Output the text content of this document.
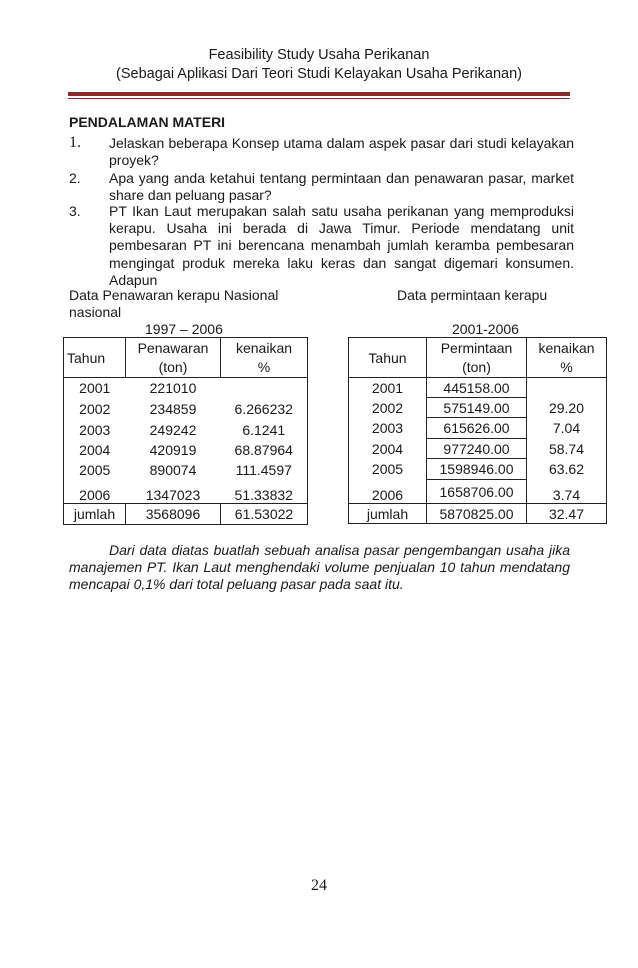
Feasibility Study Usaha Perikanan
(Sebagai Aplikasi Dari Teori Studi Kelayakan Usaha Perikanan)
PENDALAMAN MATERI
1. Jelaskan beberapa Konsep utama dalam aspek pasar dari studi kelayakan proyek?
2. Apa yang anda ketahui tentang permintaan dan penawaran pasar, market share dan peluang pasar?
3. PT Ikan Laut merupakan salah satu usaha perikanan yang memproduksi kerapu. Usaha ini berada di Jawa Timur. Periode mendatang unit pembesaran PT ini berencana menambah jumlah keramba pembesaran mengingat produk mereka laku keras dan sangat digemari konsumen. Adapun
Data Penawaran kerapu Nasional	Data permintaan kerapu
nasional
1997 – 2006	2001-2006
Tahun	Penawaran	kenaikan
	(ton)	%
2001	221010	
2002	234859	6.266232
2003	249242	6.1241
2004	420919	68.87964
2005	890074	111.4597
2006	1347023	51.33832
jumlah	3568096	61.53022
Tahun	Permintaan	kenaikan
	(ton)	%
2001	445158.00	
2002	575149.00	29.20
2003	615626.00	7.04
2004	977240.00	58.74
2005	1598946.00	63.62
2006	1658706.00	3.74
jumlah	5870825.00	32.47
Dari data diatas buatlah sebuah analisa pasar pengembangan usaha jika manajemen PT. Ikan Laut menghendaki volume penjualan 10 tahun mendatang mencapai 0,1% dari total peluang pasar pada saat itu.
24
